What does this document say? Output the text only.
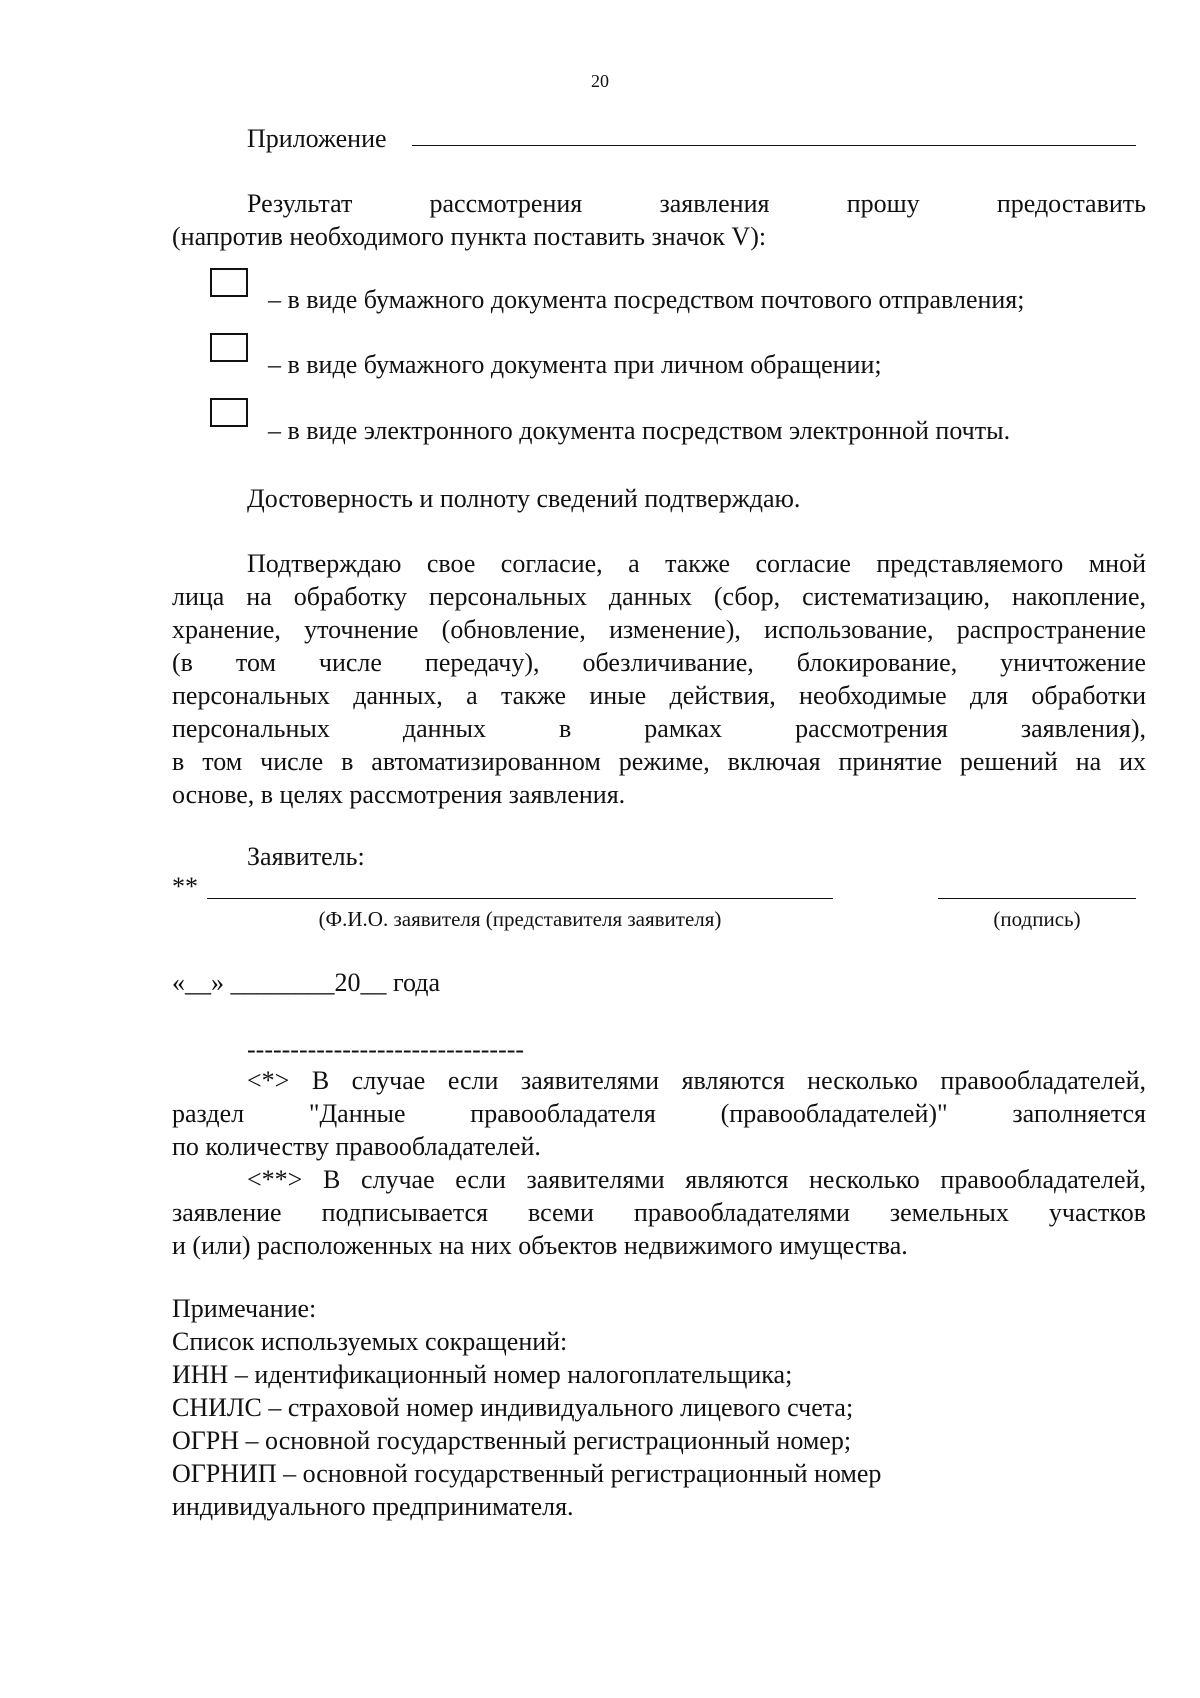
20
Приложение
Результат	рассмотрения	заявления	прошу	предоставить
(напротив необходимого пункта поставить значок V):
– в виде бумажного документа посредством почтового отправления;
– в виде бумажного документа при личном обращении;
– в виде электронного документа посредством электронной почты.
Достоверность и полноту сведений подтверждаю.
Подтверждаю свое согласие, а также согласие представляемого мной
лица на обработку персональных данных (сбор, систематизацию, накопление,
хранение, уточнение (обновление, изменение), использование, распространение
(в том числе передачу), обезличивание, блокирование, уничтожение
персональных данных, а также иные действия, необходимые для обработки
персональных данных в рамках рассмотрения заявления),
в том числе в автоматизированном режиме, включая принятие решений на их
основе, в целях рассмотрения заявления.
Заявитель:
**
(Ф.И.О. заявителя (представителя заявителя)	(подпись)
«__» ________20__ года
--------------------------------
<*> В случае если заявителями являются несколько правообладателей,
раздел "Данные правообладателя (правообладателей)" заполняется
по количеству правообладателей.
<**> В случае если заявителями являются несколько правообладателей,
заявление подписывается всеми правообладателями земельных участков
и (или) расположенных на них объектов недвижимого имущества.
Примечание:
Список используемых сокращений:
ИНН – идентификационный номер налогоплательщика;
СНИЛС – страховой номер индивидуального лицевого счета;
ОГРН – основной государственный регистрационный номер;
ОГРНИП – основной государственный регистрационный номер
индивидуального предпринимателя.
